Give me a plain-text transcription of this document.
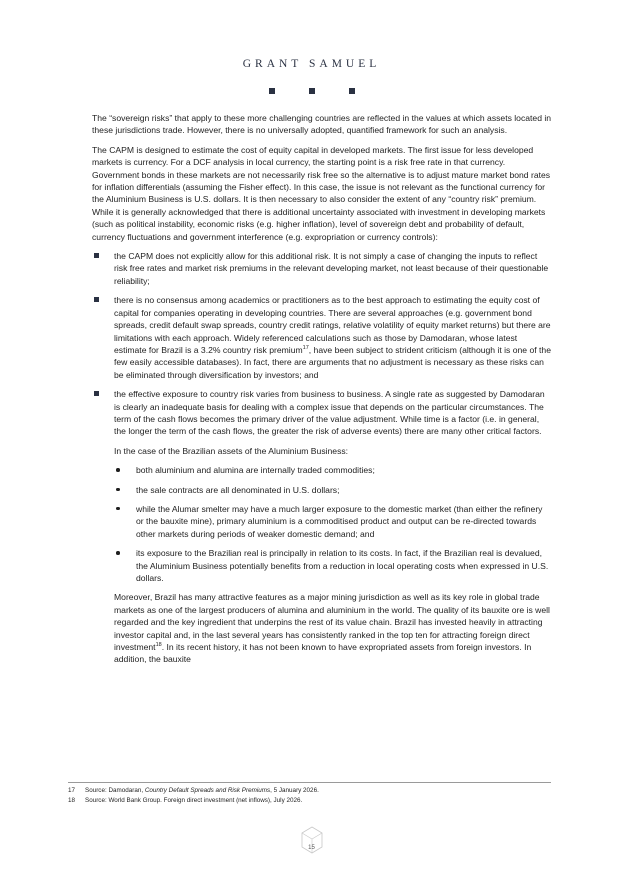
GRANT SAMUEL

The “sovereign risks” that apply to these more challenging countries are reflected in the values at which assets located in these jurisdictions trade. However, there is no universally adopted, quantified framework for such an analysis.

The CAPM is designed to estimate the cost of equity capital in developed markets. The first issue for less developed markets is currency. For a DCF analysis in local currency, the starting point is a risk free rate in that currency. Government bonds in these markets are not necessarily risk free so the alternative is to adjust mature market bond rates for inflation differentials (assuming the Fisher effect). In this case, the issue is not relevant as the functional currency for the Aluminium Business is U.S. dollars. It is then necessary to also consider the extent of any “country risk” premium. While it is generally acknowledged that there is additional uncertainty associated with investment in developing markets (such as political instability, economic risks (e.g. higher inflation), level of sovereign debt and probability of default, currency fluctuations and government interference (e.g. expropriation or currency controls):

the CAPM does not explicitly allow for this additional risk. It is not simply a case of changing the inputs to reflect risk free rates and market risk premiums in the relevant developing market, not least because of their questionable reliability;
there is no consensus among academics or practitioners as to the best approach to estimating the equity cost of capital for companies operating in developing countries. There are several approaches (e.g. government bond spreads, credit default swap spreads, country credit ratings, relative volatility of equity market returns) but there are limitations with each approach. Widely referenced calculations such as those by Damodaran, whose latest estimate for Brazil is a 3.2% country risk premium$^{17}$, have been subject to strident criticism (although it is one of the few easily accessible databases). In fact, there are arguments that no adjustment is necessary as these risks can be eliminated through diversification by investors; and
the effective exposure to country risk varies from business to business. A single rate as suggested by Damodaran is clearly an inadequate basis for dealing with a complex issue that depends on the particular circumstances. The term of the cash flows becomes the primary driver of the value adjustment. While time is a factor (i.e. in general, the longer the term of the cash flows, the greater the risk of adverse events) there are many other critical factors.

In the case of the Brazilian assets of the Aluminium Business:

both aluminium and alumina are internally traded commodities;
the sale contracts are all denominated in U.S. dollars;
while the Alumar smelter may have a much larger exposure to the domestic market (than either the refinery or the bauxite mine), primary aluminium is a commoditised product and output can be re-directed towards other markets during periods of weaker domestic demand; and
its exposure to the Brazilian real is principally in relation to its costs. In fact, if the Brazilian real is devalued, the Aluminium Business potentially benefits from a reduction in local operating costs when expressed in U.S. dollars.

Moreover, Brazil has many attractive features as a major mining jurisdiction as well as its key role in global trade markets as one of the largest producers of alumina and aluminium in the world. The quality of its bauxite ore is well regarded and the key ingredient that underpins the rest of its value chain. Brazil has invested heavily in attracting investor capital and, in the last several years has consistently ranked in the top ten for attracting foreign direct investment$^{18}$. In its recent history, it has not been known to have expropriated assets from foreign investors. In addition, the bauxite

17	Source: Damodaran, Country Default Spreads and Risk Premiums, 5 January 2026.
18	Source: World Bank Group. Foreign direct investment (net inflows), July 2026.
15
